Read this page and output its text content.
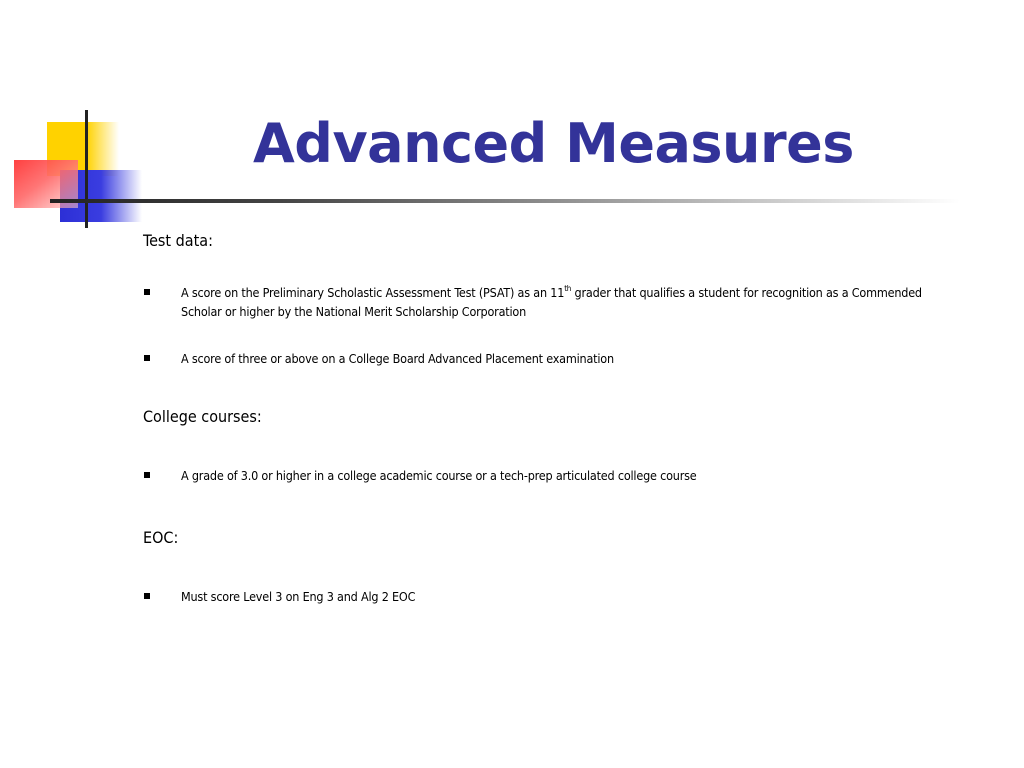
Advanced Measures

Test data:

A score on the Preliminary Scholastic Assessment Test (PSAT) as an 11th grader that qualifies a student for recognition as a Commended Scholar or higher by the National Merit Scholarship Corporation
A score of three or above on a College Board Advanced Placement examination

College courses:

A grade of 3.0 or higher in a college academic course or a tech-prep articulated college course

EOC:

Must score Level 3 on Eng 3 and Alg 2 EOC
